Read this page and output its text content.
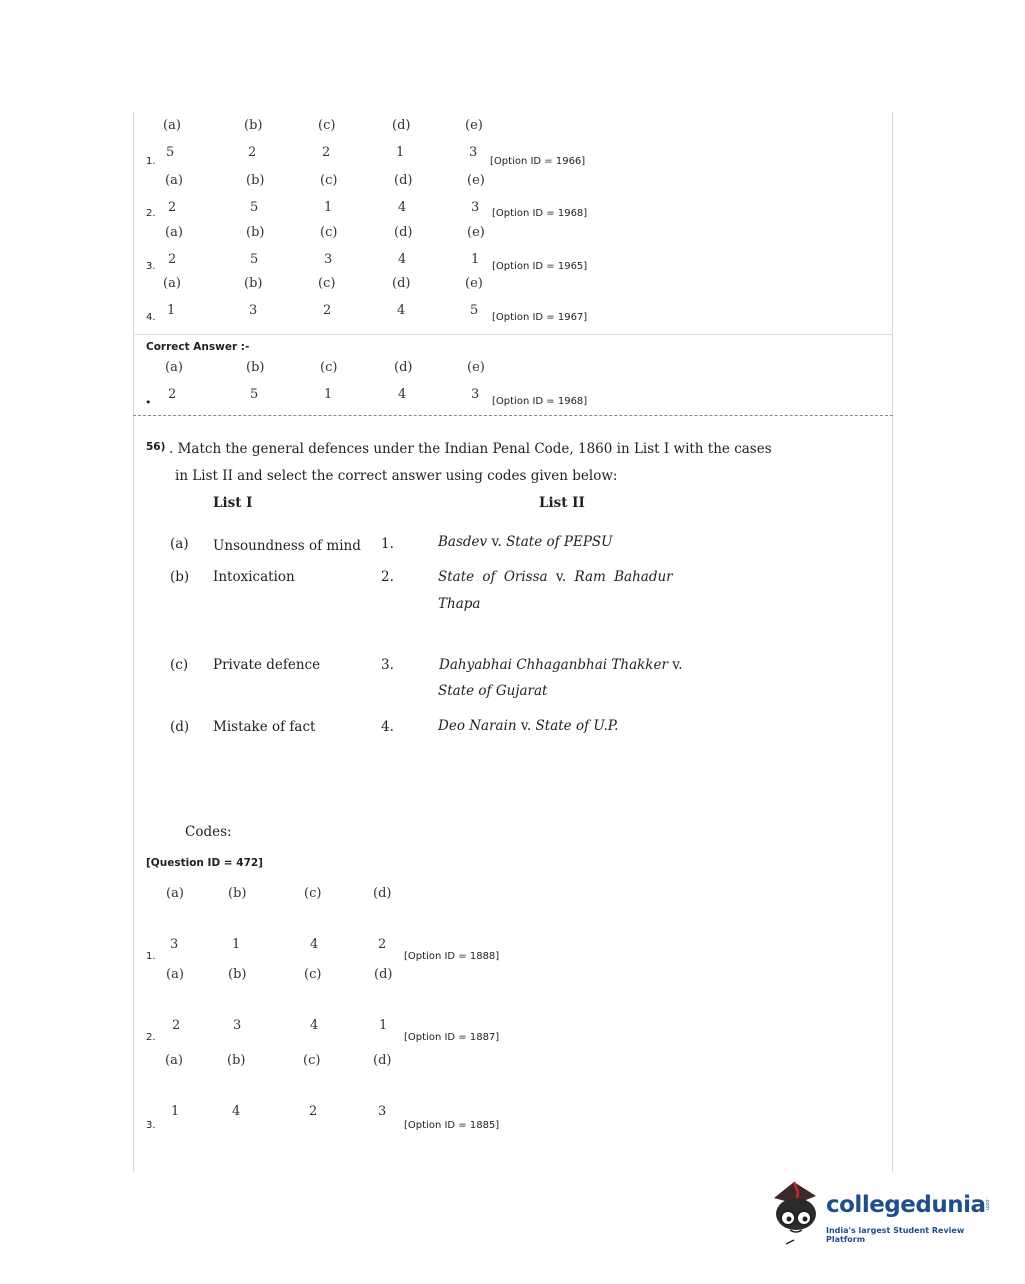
(a)	(b)	(c)	(d)	(e)
1.
5	2	2	1	3
[Option ID = 1966]
(a)	(b)	(c)	(d)	(e)
2. 2	5	1	4	3 [Option ID = 1968]
(a)	(b)	(c)	(d)	(e)
3. 2	5	3	4	1 [Option ID = 1965]
(a)	(b)	(c)	(d)	(e)
4. 1	3	2	4	5 [Option ID = 1967]
Correct Answer :-
(a)	(b)	(c)	(d)	(e)
•
2	5	1	4	3 [Option ID = 1968]
56) . Match the general defences under the Indian Penal Code, 1860 in List I with the cases
in List II and select the correct answer using codes given below:
List I	List II
(a) Unsoundness of mind 1.	Basdev v. State of PEPSU
(b) Intoxication	2.	State of Orissa v. Ram Bahadur
Thapa
(c) Private defence	3.	Dahyabhai Chhaganbhai Thakker v.
State of Gujarat
(d) Mistake of fact	4.	Deo Narain v. State of U.P.
Codes:
[Question ID = 472]
(a)	(b)	(c)	(d)
3	1	4	2
1.	[Option ID = 1888]
(a)	(b)	(c)	(d)
2	3	4	1
2.	[Option ID = 1887]
(a)	(b)	(c)	(d)
1	4	2	3
3.	[Option ID = 1885]
collegedunia
.com
India's largest Student Review Platform
